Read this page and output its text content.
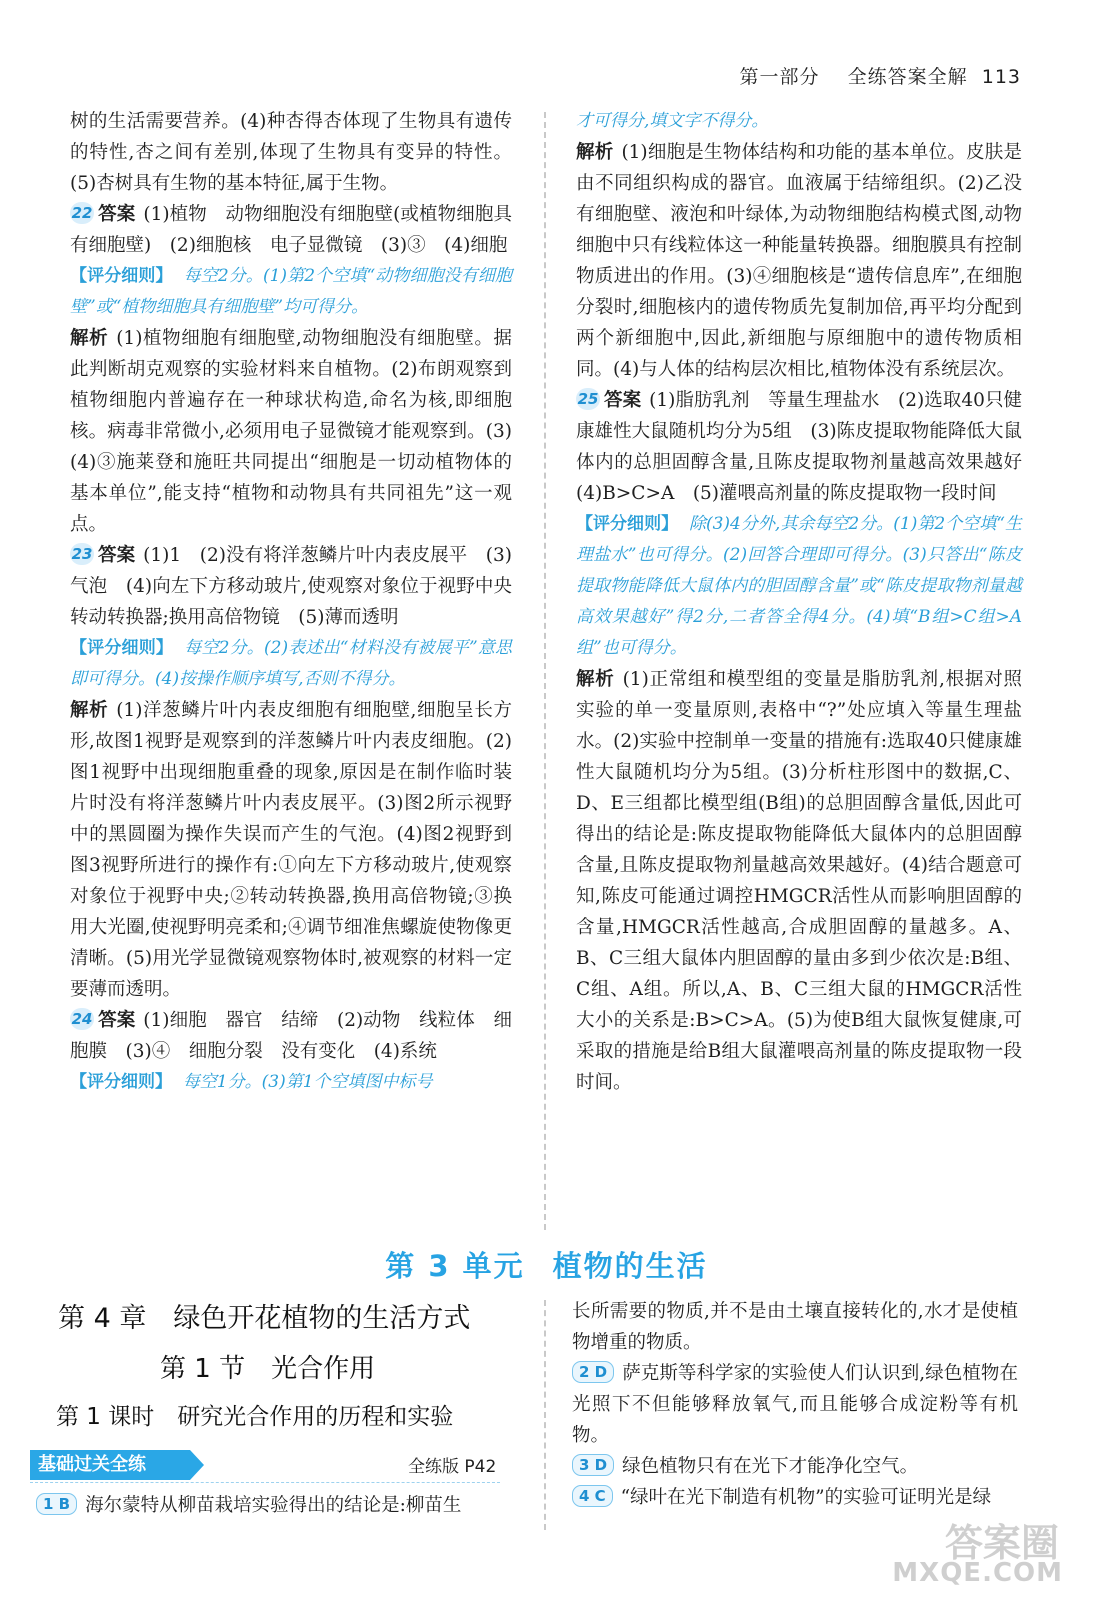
第一部分 全练答案全解 113

树的生活需要营养。(4)种杏得杏体现了生物具有遗传的特性,杏之间有差别,体现了生物具有变异的特性。(5)杏树具有生物的基本特征,属于生物。

22 答案 (1)植物　动物细胞没有细胞壁(或植物细胞具有细胞壁)　(2)细胞核　电子显微镜　(3)③　(4)细胞

【评分细则】 每空2分。(1)第2个空填“动物细胞没有细胞壁”或“植物细胞具有细胞壁”均可得分。

解析 (1)植物细胞有细胞壁,动物细胞没有细胞壁。据此判断胡克观察的实验材料来自植物。(2)布朗观察到植物细胞内普遍存在一种球状构造,命名为核,即细胞核。病毒非常微小,必须用电子显微镜才能观察到。(3)(4)③施莱登和施旺共同提出“细胞是一切动植物体的基本单位”,能支持“植物和动物具有共同祖先”这一观点。

23 答案 (1)1　(2)没有将洋葱鳞片叶内表皮展平　(3)气泡　(4)向左下方移动玻片,使观察对象位于视野中央　转动转换器;换用高倍物镜　(5)薄而透明

【评分细则】 每空2分。(2)表述出“材料没有被展平”意思即可得分。(4)按操作顺序填写,否则不得分。

解析 (1)洋葱鳞片叶内表皮细胞有细胞壁,细胞呈长方形,故图1视野是观察到的洋葱鳞片叶内表皮细胞。(2)图1视野中出现细胞重叠的现象,原因是在制作临时装片时没有将洋葱鳞片叶内表皮展平。(3)图2所示视野中的黑圆圈为操作失误而产生的气泡。(4)图2视野到图3视野所进行的操作有:①向左下方移动玻片,使观察对象位于视野中央;②转动转换器,换用高倍物镜;③换用大光圈,使视野明亮柔和;④调节细准焦螺旋使物像更清晰。(5)用光学显微镜观察物体时,被观察的材料一定要薄而透明。

24 答案 (1)细胞　器官　结缔　(2)动物　线粒体　细胞膜　(3)④　细胞分裂　没有变化　(4)系统

【评分细则】 每空1分。(3)第1个空填图中标号

才可得分,填文字不得分。

解析 (1)细胞是生物体结构和功能的基本单位。皮肤是由不同组织构成的器官。血液属于结缔组织。(2)乙没有细胞壁、液泡和叶绿体,为动物细胞结构模式图,动物细胞中只有线粒体这一种能量转换器。细胞膜具有控制物质进出的作用。(3)④细胞核是“遗传信息库”,在细胞分裂时,细胞核内的遗传物质先复制加倍,再平均分配到两个新细胞中,因此,新细胞与原细胞中的遗传物质相同。(4)与人体的结构层次相比,植物体没有系统层次。

25 答案 (1)脂肪乳剂　等量生理盐水　(2)选取40只健康雄性大鼠随机均分为5组　(3)陈皮提取物能降低大鼠体内的总胆固醇含量,且陈皮提取物剂量越高效果越好　(4)B>C>A　(5)灌喂高剂量的陈皮提取物一段时间

【评分细则】 除(3)4分外,其余每空2分。(1)第2个空填“生理盐水”也可得分。(2)回答合理即可得分。(3)只答出“陈皮提取物能降低大鼠体内的胆固醇含量”或“陈皮提取物剂量越高效果越好”得2分,二者答全得4分。(4)填“B组>C组>A组”也可得分。

解析 (1)正常组和模型组的变量是脂肪乳剂,根据对照实验的单一变量原则,表格中“?”处应填入等量生理盐水。(2)实验中控制单一变量的措施有:选取40只健康雄性大鼠随机均分为5组。(3)分析柱形图中的数据,C、D、E三组都比模型组(B组)的总胆固醇含量低,因此可得出的结论是:陈皮提取物能降低大鼠体内的总胆固醇含量,且陈皮提取物剂量越高效果越好。(4)结合题意可知,陈皮可能通过调控HMGCR活性从而影响胆固醇的含量,HMGCR活性越高,合成胆固醇的量越多。A、B、C三组大鼠体内胆固醇的量由多到少依次是:B组、C组、A组。所以,A、B、C三组大鼠的HMGCR活性大小的关系是:B>C>A。(5)为使B组大鼠恢复健康,可采取的措施是给B组大鼠灌喂高剂量的陈皮提取物一段时间。

第 3 单元 植物的生活
第 4 章　绿色开花植物的生活方式
第 1 节　光合作用
第 1 课时　研究光合作用的历程和实验
基础过关全练	全练版 P42
1 B 海尔蒙特从柳苗栽培实验得出的结论是:柳苗生

长所需要的物质,并不是由土壤直接转化的,水才是使植物增重的物质。

2 D 萨克斯等科学家的实验使人们认识到,绿色植物在光照下不但能够释放氧气,而且能够合成淀粉等有机物。

3 D 绿色植物只有在光下才能净化空气。

4 C “绿叶在光下制造有机物”的实验可证明光是绿

答案圈
MXQE.COM
